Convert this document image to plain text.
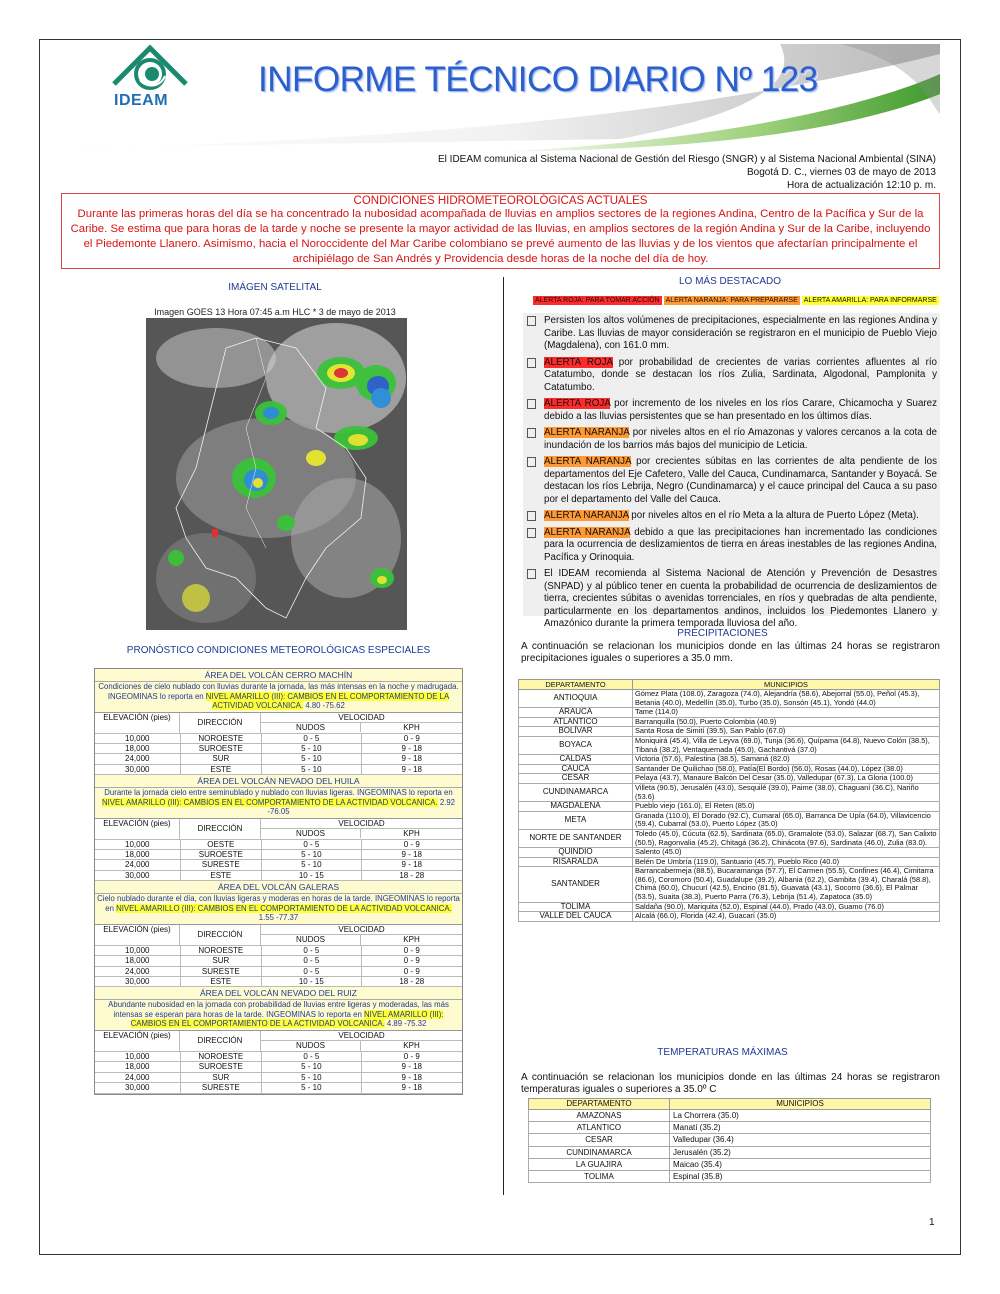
IDEAM
INFORME TÉCNICO DIARIO Nº 123
El IDEAM comunica al Sistema Nacional de Gestión del Riesgo (SNGR) y al Sistema Nacional Ambiental (SINA)
Bogotá D. C., viernes 03 de mayo de 2013
Hora de actualización 12:10 p. m.
CONDICIONES HIDROMETEOROLÓGICAS ACTUALES
Durante las primeras horas del día se ha concentrado la nubosidad acompañada de lluvias en amplios sectores de la regiones Andina, Centro de la Pacífica y Sur de la Caribe. Se estima que para horas de la tarde y noche se presente la mayor actividad de las lluvias, en amplios sectores de la región Andina y Sur de la Caribe, incluyendo el Piedemonte Llanero. Asimismo, hacia el Noroccidente del Mar Caribe colombiano se prevé aumento de las lluvias y de los vientos que afectarían principalmente el archipiélago de San Andrés y Providencia desde horas de la noche del día de hoy.
IMÁGEN SATELITAL
Imagen GOES 13 Hora 07:45 a.m HLC * 3 de mayo de 2013
PRONÓSTICO CONDICIONES METEOROLÓGICAS ESPECIALES
ÁREA DEL VOLCÁN CERRO MACHÍN
Condiciones de cielo nublado con lluvias durante la jornada, las más intensas en la noche y madrugada. INGEOMINAS lo reporta en NIVEL AMARILLO (III): CAMBIOS EN EL COMPORTAMIENTO DE LA ACTIVIDAD VOLCANICA. 4.80 -75.62
ELEVACIÓN (pies)
DIRECCIÓN
VELOCIDAD
NUDOS	KPH
10,000	NOROESTE	0 - 5	0 - 9
18,000	SUROESTE	5 - 10	9 - 18
24,000	SUR	5 - 10	9 - 18
30,000	ESTE	5 - 10	9 - 18
ÁREA DEL VOLCÁN NEVADO DEL HUILA
Durante la jornada cielo entre seminublado y nublado con lluvias ligeras. INGEOMINAS lo reporta en NIVEL AMARILLO (III): CAMBIOS EN EL COMPORTAMIENTO DE LA ACTIVIDAD VOLCANICA. 2.92 -76.05
ELEVACIÓN (pies)
DIRECCIÓN
VELOCIDAD
NUDOS	KPH
10,000	OESTE	0 - 5	0 - 9
18,000	SUROESTE	5 - 10	9 - 18
24,000	SURESTE	5 - 10	9 - 18
30,000	ESTE	10 - 15	18 - 28
ÁREA DEL VOLCÁN GALERAS
Cielo nublado durante el día, con lluvias ligeras y moderas en horas de la tarde. INGEOMINAS lo reporta en NIVEL AMARILLO (III): CAMBIOS EN EL COMPORTAMIENTO DE LA ACTIVIDAD VOLCANICA. 1.55 -77.37
ELEVACIÓN (pies)
DIRECCIÓN
VELOCIDAD
NUDOS	KPH
10,000	NOROESTE	0 - 5	0 - 9
18,000	SUR	0 - 5	0 - 9
24,000	SURESTE	0 - 5	0 - 9
30,000	ESTE	10 - 15	18 - 28
ÁREA DEL VOLCÁN NEVADO DEL RUIZ
Abundante nubosidad en la jornada con probabilidad de lluvias entre ligeras y moderadas, las más intensas se esperan para horas de la tarde. INGEOMINAS lo reporta en NIVEL AMARILLO (III): CAMBIOS EN EL COMPORTAMIENTO DE LA ACTIVIDAD VOLCANICA. 4.89 -75.32
ELEVACIÓN (pies)
DIRECCIÓN
VELOCIDAD
NUDOS	KPH
10,000	NOROESTE	0 - 5	0 - 9
18,000	SUROESTE	5 - 10	9 - 18
24,000	SUR	5 - 10	9 - 18
30,000	SURESTE	5 - 10	9 - 18
LO MÁS DESTACADO
ALERTA ROJA: PARA TOMAR ACCIÓN ALERTA NARANJA: PARA PREPARARSE ALERTA AMARILLA: PARA INFORMARSE
Persisten los altos volúmenes de precipitaciones, especialmente en las regiones Andina y Caribe. Las lluvias de mayor consideración se registraron en el municipio de Pueblo Viejo (Magdalena), con 161.0 mm.
ALERTA ROJA por probabilidad de crecientes de varias corrientes afluentes al río Catatumbo, donde se destacan los ríos Zulia, Sardinata, Algodonal, Pamplonita y Catatumbo.
ALERTA ROJA por incremento de los niveles en los ríos Carare, Chicamocha y Suarez debido a las lluvias persistentes que se han presentado en los últimos días.
ALERTA NARANJA por niveles altos en el río Amazonas y valores cercanos a la cota de inundación de los barrios más bajos del municipio de Leticia.
ALERTA NARANJA por crecientes súbitas en las corrientes de alta pendiente de los departamentos del Eje Cafetero, Valle del Cauca, Cundinamarca, Santander y Boyacá. Se destacan los ríos Lebrija, Negro (Cundinamarca) y el cauce principal del Cauca a su paso por el departamento del Valle del Cauca.
ALERTA NARANJA por niveles altos en el río Meta a la altura de Puerto López (Meta).
ALERTA NARANJA debido a que las precipitaciones han incrementado las condiciones para la ocurrencia de deslizamientos de tierra en áreas inestables de las regiones Andina, Pacífica y Orinoquia.
El IDEAM recomienda al Sistema Nacional de Atención y Prevención de Desastres (SNPAD) y al público tener en cuenta la probabilidad de ocurrencia de deslizamientos de tierra, crecientes súbitas o avenidas torrenciales, en ríos y quebradas de alta pendiente, particularmente en los departamentos andinos, incluidos los Piedemontes Llanero y Amazónico durante la primera temporada lluviosa del año.
PRECIPITACIONES
A continuación se relacionan los municipios donde en las últimas 24 horas se registraron precipitaciones iguales o superiores a 35.0 mm.
DEPARTAMENTO	MUNICIPIOS
ANTIOQUIA	Gómez Plata (108.0), Zaragoza (74.0), Alejandría (58.6), Abejorral (55.0), Peñol (45.3), Betania (40.0), Medellín (35.0), Turbo (35.0), Sonsón (45.1), Yondó (44.0)
ARAUCA	Tame (114.0)
ATLANTICO	Barranquilla (50.0), Puerto Colombia (40.9)
BOLÍVAR	Santa Rosa de Simití (39.5), San Pablo (67.0)
BOYACA	Moniquirá (45.4), Villa de Leyva (69.0), Tunja (36.6), Quípama (64.8), Nuevo Colón (38.5), Tibaná (38.2), Ventaquemada (45.0), Gachantivá (37.0)
CALDAS	Victoria (57.6), Palestina (38.5), Samaná (82.0)
CAUCA	Santander De Quilichao (58.0), Patía(El Bordo) (56.0), Rosas (44.0), López (38.0)
CESAR	Pelaya (43.7), Manaure Balcón Del Cesar (35.0), Valledupar (67.3), La Gloria (100.0)
CUNDINAMARCA	Villeta (90.5), Jerusalén (43.0), Sesquilé (39.0), Paime (38.0), Chaguaní (36.C), Nariño (53.6)
MAGDALENA	Pueblo viejo (161.0), El Reten (85.0)
META	Granada (110.0), El Dorado (92.C), Cumaral (65.0), Barranca De Upía (64.0), Villavicencio (59.4), Cubarral (53.0), Puerto López (35.0)
NORTE DE SANTANDER	Toledo (45.0), Cúcuta (62.5), Sardinata (65.0), Gramalote (53.0), Salazar (68.7), San Calixto (50.5), Ragonvalia (45.2), Chitagá (36.2), Chinácota (97.6), Sardinata (46.0), Zulia (83.0).
QUINDIO	Salento (45.0)
RISARALDA	Belén De Umbría (119.0), Santuario (45.7), Pueblo Rico (40.0)
SANTANDER	Barrancabermeja (88.5), Bucaramanga (57.7), El Carmen (55.5), Confines (46.4), Cimitarra (86.6), Coromoro (50.4), Guadalupe (39.2), Albania (62.2), Gambita (39.4), Charalá (58.8), Chimá (60.0), Chucurí (42.5), Encino (81.5), Guavatá (43.1), Socorro (36.6), El Palmar (53.5), Suaita (38.3), Puerto Parra (76.3), Lebrija (51.4), Zapatoca (35.0)
TOLIMA	Saldaña (90.0), Mariquita (52.0), Espinal (44.0), Prado (43.0), Guamo (76.0)
VALLE DEL CAUCA	Alcalá (66.0), Florida (42.4), Guacarí (35.0)
TEMPERATURAS MÁXIMAS
A continuación se relacionan los municipios donde en las últimas 24 horas se registraron temperaturas iguales o superiores a 35.0º C
DEPARTAMENTO	MUNICIPIOS
AMAZONAS	La Chorrera (35.0)
ATLANTICO	Manatí (35.2)
CESAR	Valledupar (36.4)
CUNDINAMARCA	Jerusalén (35.2)
LA GUAJIRA	Maicao (35.4)
TOLIMA	Espinal (35.8)
1
